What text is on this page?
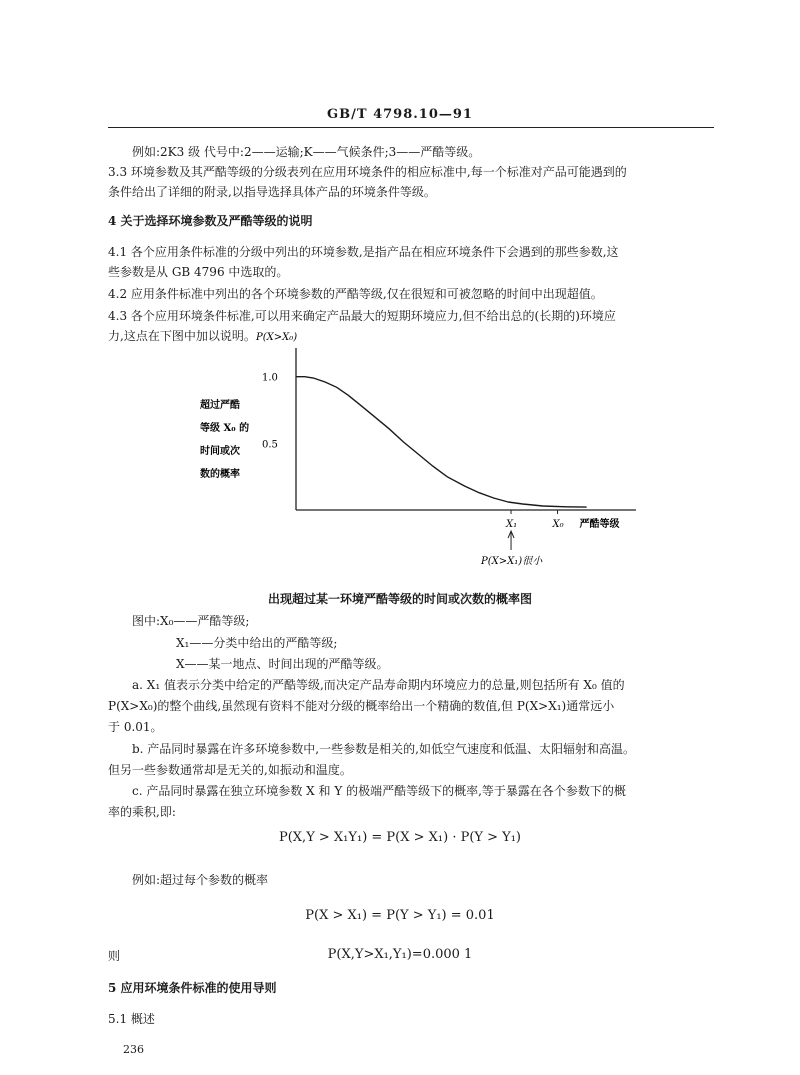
GB/T 4798.10—91
例如:2K3 级 代号中:2——运输;K——气候条件;3——严酷等级。
3.3 环境参数及其严酷等级的分级表列在应用环境条件的相应标准中,每一个标准对产品可能遇到的
条件给出了详细的附录,以指导选择具体产品的环境条件等级。
4 关于选择环境参数及严酷等级的说明
4.1 各个应用条件标准的分级中列出的环境参数,是指产品在相应环境条件下会遇到的那些参数,这
些参数是从 GB 4796 中选取的。
4.2 应用条件标准中列出的各个环境参数的严酷等级,仅在很短和可被忽略的时间中出现超值。
4.3 各个应用环境条件标准,可以用来确定产品最大的短期环境应力,但不给出总的(长期的)环境应
力,这点在下图中加以说明。 P(X>X₀)
超过严酷
等级 X₀ 的
时间或次
数的概率
1.0
0.5
X₁	X₀ 严酷等级
P(X>X₁)很小
出现超过某一环境严酷等级的时间或次数的概率图
图中:X₀——严酷等级;
X₁——分类中给出的严酷等级;
X——某一地点、时间出现的严酷等级。
a. X₁ 值表示分类中给定的严酷等级,而决定产品寿命期内环境应力的总量,则包括所有 X₀ 值的
P(X>X₀)的整个曲线,虽然现有资料不能对分级的概率给出一个精确的数值,但 P(X>X₁)通常远小
于 0.01。
b. 产品同时暴露在许多环境参数中,一些参数是相关的,如低空气速度和低温、太阳辐射和高温。
但另一些参数通常却是无关的,如振动和温度。
c. 产品同时暴露在独立环境参数 X 和 Y 的极端严酷等级下的概率,等于暴露在各个参数下的概
率的乘积,即:
P(X,Y > X₁Y₁) = P(X > X₁) · P(Y > Y₁)
例如:超过每个参数的概率
P(X > X₁) = P(Y > Y₁) = 0.01
则	P(X,Y>X₁,Y₁)=0.000 1
5 应用环境条件标准的使用导则
5.1 概述
236
